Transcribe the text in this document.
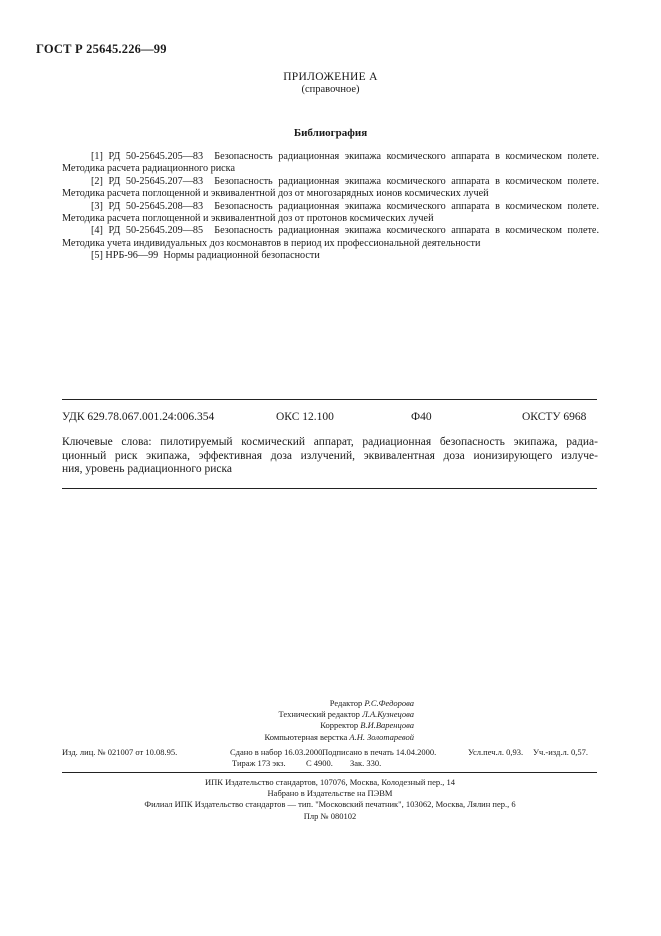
ГОСТ Р 25645.226—99
ПРИЛОЖЕНИЕ А
(справочное)
Библиография

[1] РД 50-25645.205—83 Безопасность радиационная экипажа космического аппарата в космическом полете. Методика расчета радиационного риска

[2] РД 50-25645.207—83 Безопасность радиационная экипажа космического аппарата в космическом полете. Методика расчета поглощенной и эквивалентной доз от многозарядных ионов космических лучей

[3] РД 50-25645.208—83 Безопасность радиационная экипажа космического аппарата в космическом полете. Методика расчета поглощенной и эквивалентной доз от протонов космических лучей

[4] РД 50-25645.209—85 Безопасность радиационная экипажа космического аппарата в космическом полете. Методика учета индивидуальных доз космонавтов в период их профессиональной деятельности

[5] НРБ-96—99 Нормы радиационной безопасности

УДК 629.78.067.001.24:006.354	ОКС 12.100	Ф40	ОКСТУ 6968
Ключевые слова: пилотируемый космический аппарат, радиационная безопасность экипажа, радиа-
ционный риск экипажа, эффективная доза излучений, эквивалентная доза ионизирующего излуче-
ния, уровень радиационного риска
Редактор Р.С.Федорова
Технический редактор Л.А.Кузнецова
Корректор В.И.Варенцова
Компьютерная верстка А.Н. Золотаревой
Изд. лиц. № 021007 от 10.08.95.	Сдано в набор 16.03.2000.
Подписано в печать 14.04.2000.	Усл.печ.л. 0,93. Уч.-изд.л. 0,57.
Тираж 173 экз. С 4900. Зак. 330.
ИПК Издательство стандартов, 107076, Москва, Колодезный пер., 14
Набрано в Издательстве на ПЭВМ
Филиал ИПК Издательство стандартов — тип. "Московский печатник", 103062, Москва, Лялин пер., 6
Плр № 080102
